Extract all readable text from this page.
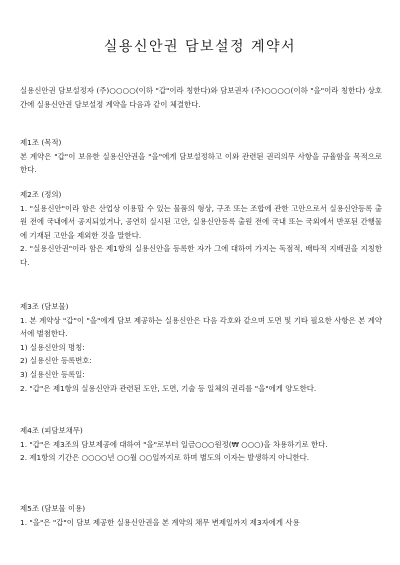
실용신안권 담보설정 계약서

실용신안권 담보설정자 (주)○○○○(이하 "갑"이라 칭한다)와 담보권자 (주)○○○○(이하 "을"이라 칭한다) 상호간에 실용신안권 담보설정 계약을 다음과 같이 체결한다.

제1조 (목적)

본 계약은 "갑"이 보유한 실용신안권을 "을"에게 담보설정하고 이와 관련된 권리의무 사항을 규율함을 목적으로 한다.

제2조 (정의)

1. "실용신안"이라 함은 산업상 이용할 수 있는 물품의 형상, 구조 또는 조합에 관한 고안으로서 실용신안등록 출원 전에 국내에서 공지되었거나, 공연히 실시된 고안, 실용신안등록 출원 전에 국내 또는 국외에서 반포된 간행물에 기재된 고안을 제외한 것을 말한다.

2. "실용신안권"이라 함은 제1항의 실용신안을 등록한 자가 그에 대하여 가지는 독점적, 배타적 지배권을 지칭한다.

제3조 (담보물)

1. 본 계약상 "갑"이 "을"에게 담보 제공하는 실용신안은 다음 각호와 같으며 도면 및 기타 필요한 사항은 본 계약서에 별첨한다.

1) 실용신안의 명칭:

2) 실용신안 등록번호:

3) 실용신안 등록일:

2. "갑"은 제1항의 실용신안과 관련된 도안, 도면, 기술 등 일체의 권리를 "을"에게 양도한다.

제4조 (피담보채무)

1. "갑"은 제3조의 담보제공에 대하여 "을"로부터 일금○○○원정(₩ ○○○)을 차용하기로 한다.

2. 제1항의 기간은 ○○○○년 ○○월 ○○일까지로 하며 별도의 이자는 발생하지 아니한다.

제5조 (담보물 이용)

1. "을"은 "갑"이 담보 제공한 실용신안권을 본 계약의 채무 변제일까지 제3자에게 사용
